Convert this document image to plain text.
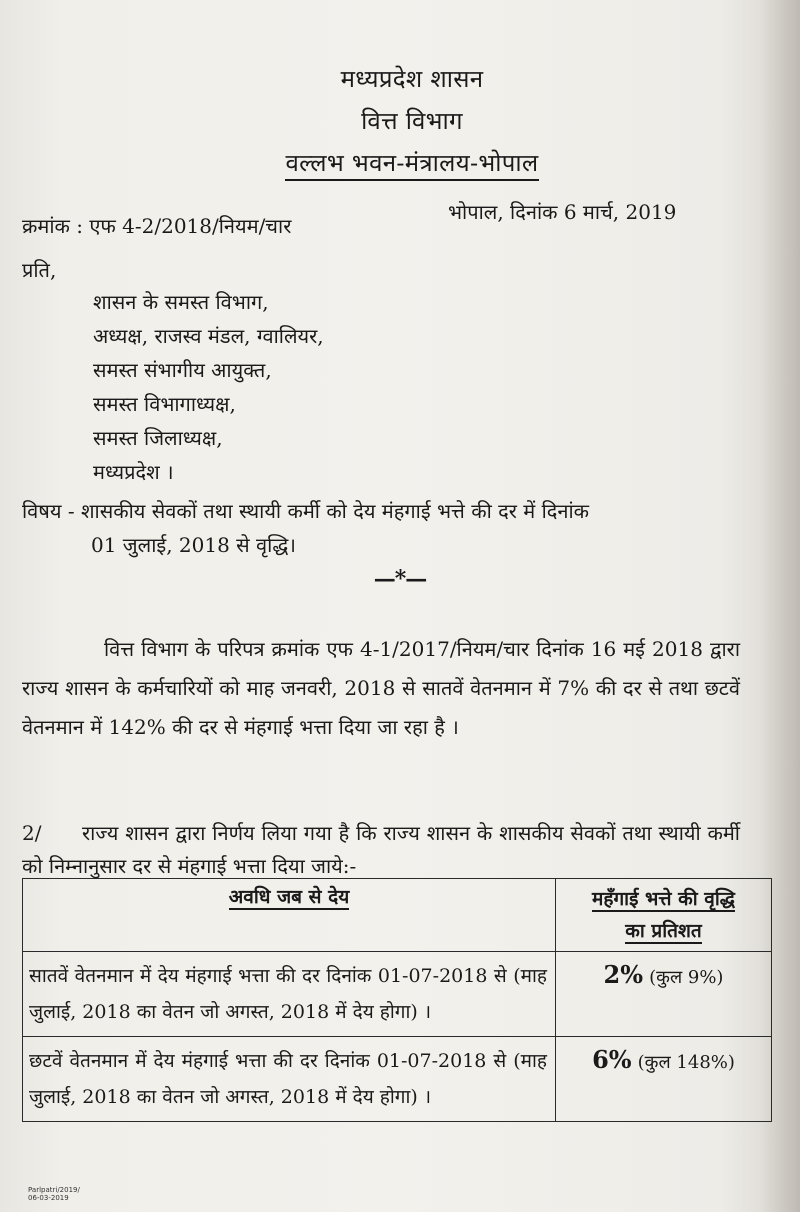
मध्यप्रदेश शासन
वित्त विभाग
वल्लभ भवन-मंत्रालय-भोपाल
क्रमांक : एफ 4-2/2018/नियम/चार
भोपाल, दिनांक 6 मार्च, 2019
प्रति,
शासन के समस्त विभाग,
अध्यक्ष, राजस्व मंडल, ग्वालियर,
समस्त संभागीय आयुक्त,
समस्त विभागाध्यक्ष,
समस्त जिलाध्यक्ष,
मध्यप्रदेश ।
विषय - शासकीय सेवकों तथा स्थायी कर्मी को देय मंहगाई भत्ते की दर में दिनांक
01 जुलाई, 2018 से वृद्धि।
—*—
वित्त विभाग के परिपत्र क्रमांक एफ 4-1/2017/नियम/चार दिनांक 16 मई 2018 द्वारा राज्य शासन के कर्मचारियों को माह जनवरी, 2018 से सातवें वेतनमान में 7% की दर से तथा छटवें वेतनमान में 142% की दर से मंहगाई भत्ता दिया जा रहा है ।
2/ राज्य शासन द्वारा निर्णय लिया गया है कि राज्य शासन के शासकीय सेवकों तथा स्थायी कर्मी को निम्नानुसार दर से मंहगाई भत्ता दिया जाये:-
अवधि जब से देय	महँगाई भत्ते की वृद्धि
का प्रतिशत
सातवें वेतनमान में देय मंहगाई भत्ता की दर दिनांक 01-07-2018 से (माह जुलाई, 2018 का वेतन जो अगस्त, 2018 में देय होगा) ।	2% (कुल 9%)
छटवें वेतनमान में देय मंहगाई भत्ता की दर दिनांक 01-07-2018 से (माह जुलाई, 2018 का वेतन जो अगस्त, 2018 में देय होगा) ।	6% (कुल 148%)
Parlpatri/2019/
06-03-2019
